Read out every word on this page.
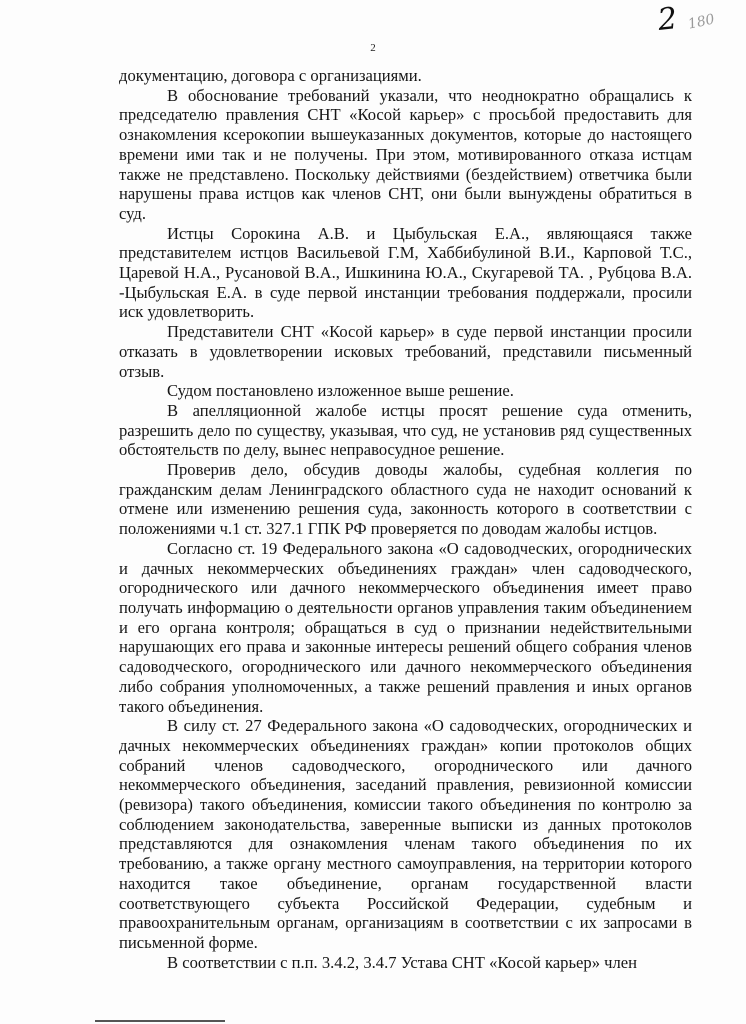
2 180
2

документацию, договора с организациями.

В обоснование требований указали, что неоднократно обращались к председателю правления СНТ «Косой карьер» с просьбой предоставить для ознакомления ксерокопии вышеуказанных документов, которые до настоящего времени ими так и не получены. При этом, мотивированного отказа истцам также не представлено. Поскольку действиями (бездействием) ответчика были нарушены права истцов как членов СНТ, они были вынуждены обратиться в суд.

Истцы Сорокина А.В. и Цыбульская Е.А., являющаяся также представителем истцов Васильевой Г.М, Хаббибулиной В.И., Карповой Т.С., Царевой Н.А., Русановой В.А., Ишкинина Ю.А., Скугаревой ТА. , Рубцова В.А. -Цыбульская Е.А. в суде первой инстанции требования поддержали, просили иск удовлетворить.

Представители СНТ «Косой карьер» в суде первой инстанции просили отказать в удовлетворении исковых требований, представили письменный отзыв.

Судом постановлено изложенное выше решение.

В апелляционной жалобе истцы просят решение суда отменить, разрешить дело по существу, указывая, что суд, не установив ряд существенных обстоятельств по делу, вынес неправосудное решение.

Проверив дело, обсудив доводы жалобы, судебная коллегия по гражданским делам Ленинградского областного суда не находит оснований к отмене или изменению решения суда, законность которого в соответствии с положениями ч.1 ст. 327.1 ГПК РФ проверяется по доводам жалобы истцов.

Согласно ст. 19 Федерального закона «О садоводческих, огороднических и дачных некоммерческих объединениях граждан» член садоводческого, огороднического или дачного некоммерческого объединения имеет право получать информацию о деятельности органов управления таким объединением и его органа контроля; обращаться в суд о признании недействительными нарушающих его права и законные интересы решений общего собрания членов садоводческого, огороднического или дачного некоммерческого объединения либо собрания уполномоченных, а также решений правления и иных органов такого объединения.

В силу ст. 27 Федерального закона «О садоводческих, огороднических и дачных некоммерческих объединениях граждан» копии протоколов общих собраний членов садоводческого, огороднического или дачного некоммерческого объединения, заседаний правления, ревизионной комиссии (ревизора) такого объединения, комиссии такого объединения по контролю за соблюдением законодательства, заверенные выписки из данных протоколов представляются для ознакомления членам такого объединения по их требованию, а также органу местного самоуправления, на территории которого находится такое объединение, органам государственной власти соответствующего субъекта Российской Федерации, судебным и правоохранительным органам, организациям в соответствии с их запросами в письменной форме.

В соответствии с п.п. 3.4.2, 3.4.7 Устава СНТ «Косой карьер» член
